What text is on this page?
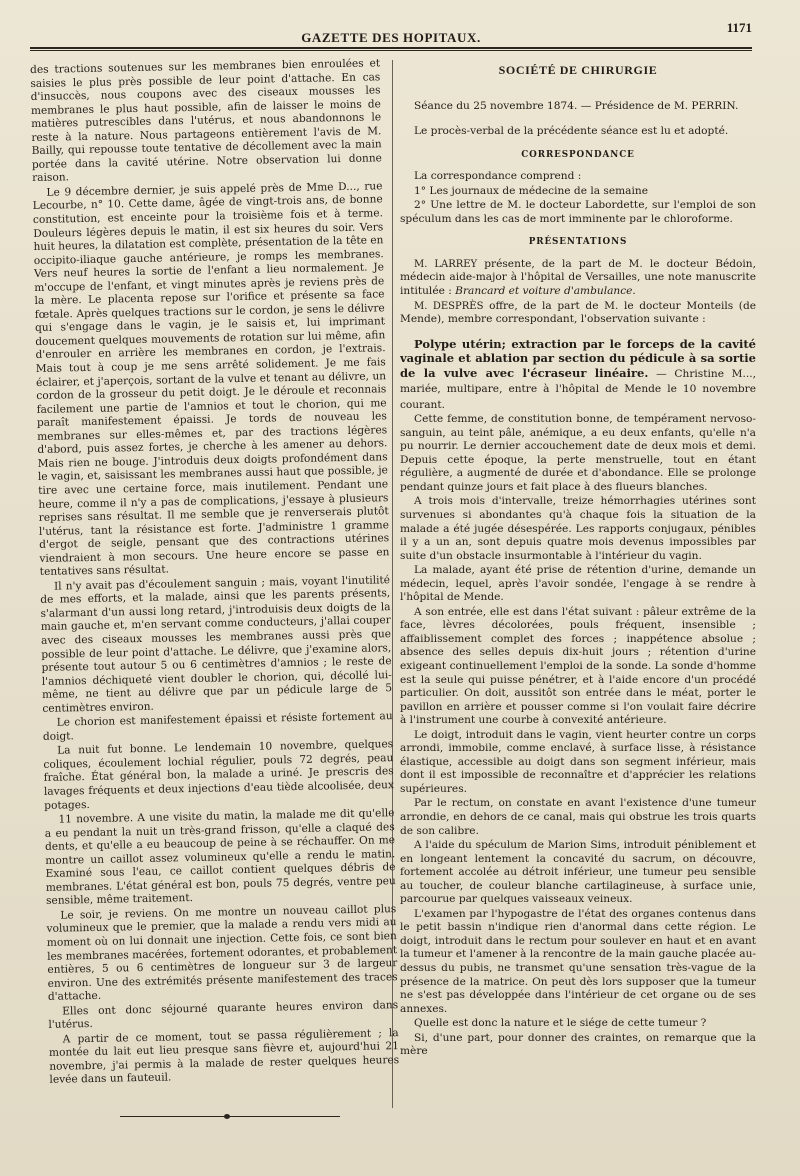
GAZETTE DES HOPITAUX.
1171

des tractions soutenues sur les membranes bien enroulées et saisies le plus près possible de leur point d'attache. En cas d'insuccès, nous coupons avec des ciseaux mousses les membranes le plus haut possible, afin de laisser le moins de matières putrescibles dans l'utérus, et nous abandonnons le reste à la nature. Nous partageons entièrement l'avis de M. Bailly, qui repousse toute tentative de décollement avec la main portée dans la cavité utérine. Notre observation lui donne raison.

Le 9 décembre dernier, je suis appelé près de Mme D..., rue Lecourbe, n° 10. Cette dame, âgée de vingt-trois ans, de bonne constitution, est enceinte pour la troisième fois et à terme. Douleurs légères depuis le matin, il est six heures du soir. Vers huit heures, la dilatation est complète, présentation de la tête en occipito-iliaque gauche antérieure, je romps les membranes. Vers neuf heures la sortie de l'enfant a lieu normalement. Je m'occupe de l'enfant, et vingt minutes après je reviens près de la mère. Le placenta repose sur l'orifice et présente sa face fœtale. Après quelques tractions sur le cordon, je sens le délivre qui s'engage dans le vagin, je le saisis et, lui imprimant doucement quelques mouvements de rotation sur lui même, afin d'enrouler en arrière les membranes en cordon, je l'extrais. Mais tout à coup je me sens arrêté solidement. Je me fais éclairer, et j'aperçois, sortant de la vulve et tenant au délivre, un cordon de la grosseur du petit doigt. Je le déroule et reconnais facilement une partie de l'amnios et tout le chorion, qui me paraît manifestement épaissi. Je tords de nouveau les membranes sur elles-mêmes et, par des tractions légères d'abord, puis assez fortes, je cherche à les amener au dehors. Mais rien ne bouge. J'introduis deux doigts profondément dans le vagin, et, saisissant les membranes aussi haut que possible, je tire avec une certaine force, mais inutilement. Pendant une heure, comme il n'y a pas de complications, j'essaye à plusieurs reprises sans résultat. Il me semble que je renverserais plutôt l'utérus, tant la résistance est forte. J'administre 1 gramme d'ergot de seigle, pensant que des contractions utérines viendraient à mon secours. Une heure encore se passe en tentatives sans résultat.

Il n'y avait pas d'écoulement sanguin ; mais, voyant l'inutilité de mes efforts, et la malade, ainsi que les parents présents, s'alarmant d'un aussi long retard, j'introduisis deux doigts de la main gauche et, m'en servant comme conducteurs, j'allai couper avec des ciseaux mousses les membranes aussi près que possible de leur point d'attache. Le délivre, que j'examine alors, présente tout autour 5 ou 6 centimètres d'amnios ; le reste de l'amnios déchiqueté vient doubler le chorion, qui, décollé lui-même, ne tient au délivre que par un pédicule large de 5 centimètres environ.

Le chorion est manifestement épaissi et résiste fortement au doigt.

La nuit fut bonne. Le lendemain 10 novembre, quelques coliques, écoulement lochial régulier, pouls 72 degrés, peau fraîche. État général bon, la malade a uriné. Je prescris des lavages fréquents et deux injections d'eau tiède alcoolisée, deux potages.

11 novembre. A une visite du matin, la malade me dit qu'elle a eu pendant la nuit un très-grand frisson, qu'elle a claqué des dents, et qu'elle a eu beaucoup de peine à se réchauffer. On me montre un caillot assez volumineux qu'elle a rendu le matin. Examiné sous l'eau, ce caillot contient quelques débris de membranes. L'état général est bon, pouls 75 degrés, ventre peu sensible, même traitement.

Le soir, je reviens. On me montre un nouveau caillot plus volumineux que le premier, que la malade a rendu vers midi au moment où on lui donnait une injection. Cette fois, ce sont bien les membranes macérées, fortement odorantes, et probablement entières, 5 ou 6 centimètres de longueur sur 3 de largeur environ. Une des extrémités présente manifestement des traces d'attache.

Elles ont donc séjourné quarante heures environ dans l'utérus.

A partir de ce moment, tout se passa régulièrement ; la montée du lait eut lieu presque sans fièvre et, aujourd'hui 21 novembre, j'ai permis à la malade de rester quelques heures levée dans un fauteuil.

SOCIÉTÉ DE CHIRURGIE

Séance du 25 novembre 1874. — Présidence de M. PERRIN.

Le procès-verbal de la précédente séance est lu et adopté.

CORRESPONDANCE

La correspondance comprend :

1° Les journaux de médecine de la semaine

2° Une lettre de M. le docteur Labordette, sur l'emploi de son spéculum dans les cas de mort imminente par le chloroforme.

PRÉSENTATIONS

M. LARREY présente, de la part de M. le docteur Bédoin, médecin aide-major à l'hôpital de Versailles, une note manuscrite intitulée : Brancard et voiture d'ambulance.

M. DESPRÈS offre, de la part de M. le docteur Monteils (de Mende), membre correspondant, l'observation suivante :

Polype utérin; extraction par le forceps de la cavité vaginale et ablation par section du pédicule à sa sortie de la vulve avec l'écraseur linéaire. — Christine M..., mariée, multipare, entre à l'hôpital de Mende le 10 novembre courant.

Cette femme, de constitution bonne, de tempérament nervoso-sanguin, au teint pâle, anémique, a eu deux enfants, qu'elle n'a pu nourrir. Le dernier accouchement date de deux mois et demi. Depuis cette époque, la perte menstruelle, tout en étant régulière, a augmenté de durée et d'abondance. Elle se prolonge pendant quinze jours et fait place à des flueurs blanches.

A trois mois d'intervalle, treize hémorrhagies utérines sont survenues si abondantes qu'à chaque fois la situation de la malade a été jugée désespérée. Les rapports conjugaux, pénibles il y a un an, sont depuis quatre mois devenus impossibles par suite d'un obstacle insurmontable à l'intérieur du vagin.

La malade, ayant été prise de rétention d'urine, demande un médecin, lequel, après l'avoir sondée, l'engage à se rendre à l'hôpital de Mende.

A son entrée, elle est dans l'état suivant : pâleur extrême de la face, lèvres décolorées, pouls fréquent, insensible ; affaiblissement complet des forces ; inappétence absolue ; absence des selles depuis dix-huit jours ; rétention d'urine exigeant continuellement l'emploi de la sonde. La sonde d'homme est la seule qui puisse pénétrer, et à l'aide encore d'un procédé particulier. On doit, aussitôt son entrée dans le méat, porter le pavillon en arrière et pousser comme si l'on voulait faire décrire à l'instrument une courbe à convexité antérieure.

Le doigt, introduit dans le vagin, vient heurter contre un corps arrondi, immobile, comme enclavé, à surface lisse, à résistance élastique, accessible au doigt dans son segment inférieur, mais dont il est impossible de reconnaître et d'apprécier les relations supérieures.

Par le rectum, on constate en avant l'existence d'une tumeur arrondie, en dehors de ce canal, mais qui obstrue les trois quarts de son calibre.

A l'aide du spéculum de Marion Sims, introduit péniblement et en longeant lentement la concavité du sacrum, on découvre, fortement accolée au détroit inférieur, une tumeur peu sensible au toucher, de couleur blanche cartilagineuse, à surface unie, parcourue par quelques vaisseaux veineux.

L'examen par l'hypogastre de l'état des organes contenus dans le petit bassin n'indique rien d'anormal dans cette région. Le doigt, introduit dans le rectum pour soulever en haut et en avant la tumeur et l'amener à la rencontre de la main gauche placée au-dessus du pubis, ne transmet qu'une sensation très-vague de la présence de la matrice. On peut dès lors supposer que la tumeur ne s'est pas développée dans l'intérieur de cet organe ou de ses annexes.

Quelle est donc la nature et le siége de cette tumeur ?

Si, d'une part, pour donner des craintes, on remarque que la mère
